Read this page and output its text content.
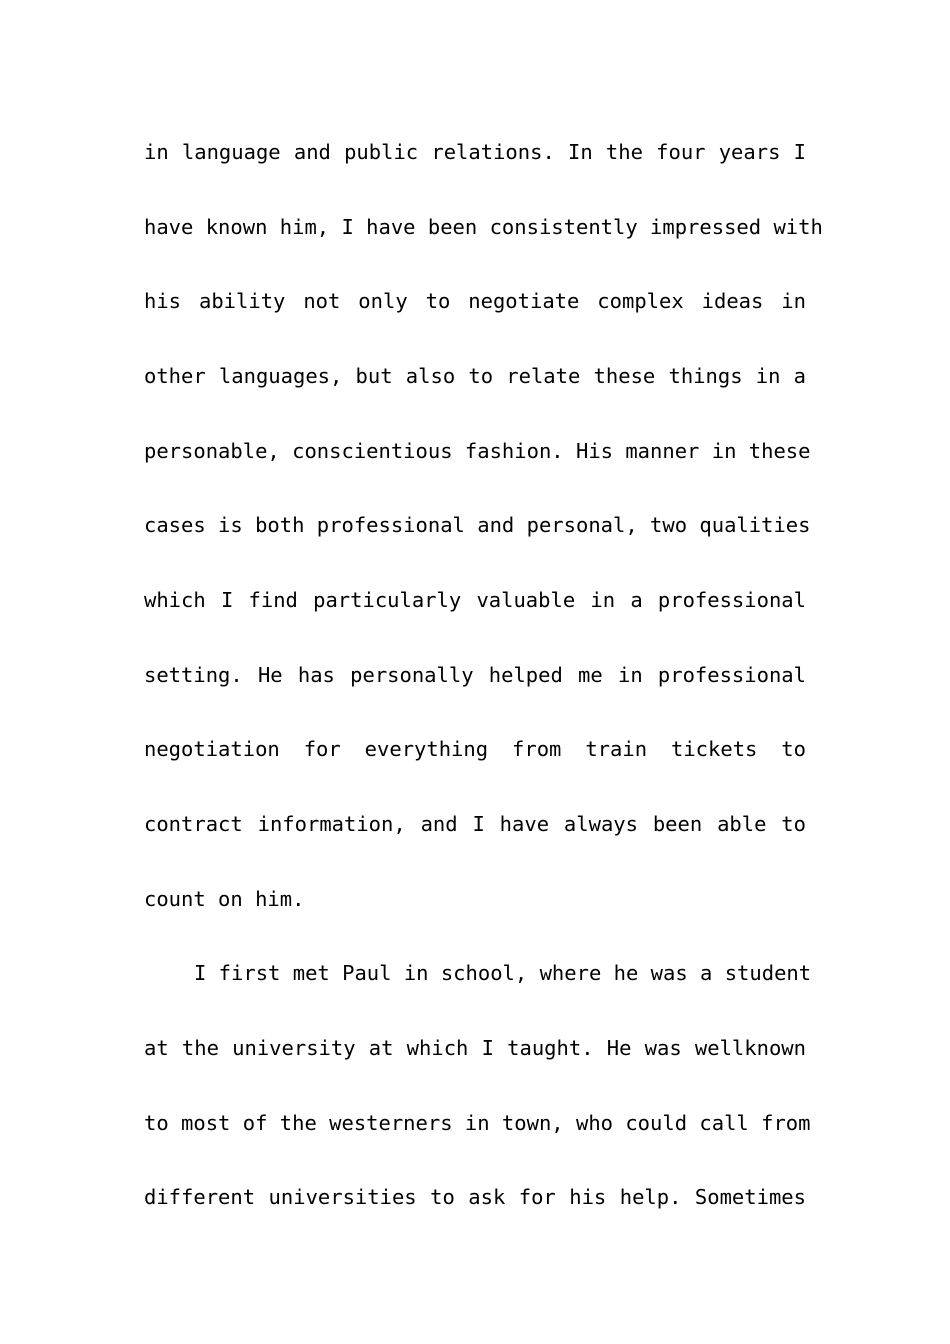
in language and public relations. In the four years I
have known him, I have been consistently impressed with
his ability not only to negotiate complex ideas in
other languages, but also to relate these things in a
personable, conscientious fashion. His manner in these
cases is both professional and personal, two qualities
which I find particularly valuable in a professional
setting. He has personally helped me in professional
negotiation for everything from train tickets to
contract information, and I have always been able to
count on him.
I first met Paul in school, where he was a student
at the university at which I taught. He was wellknown
to most of the westerners in town, who could call from
different universities to ask for his help. Sometimes
